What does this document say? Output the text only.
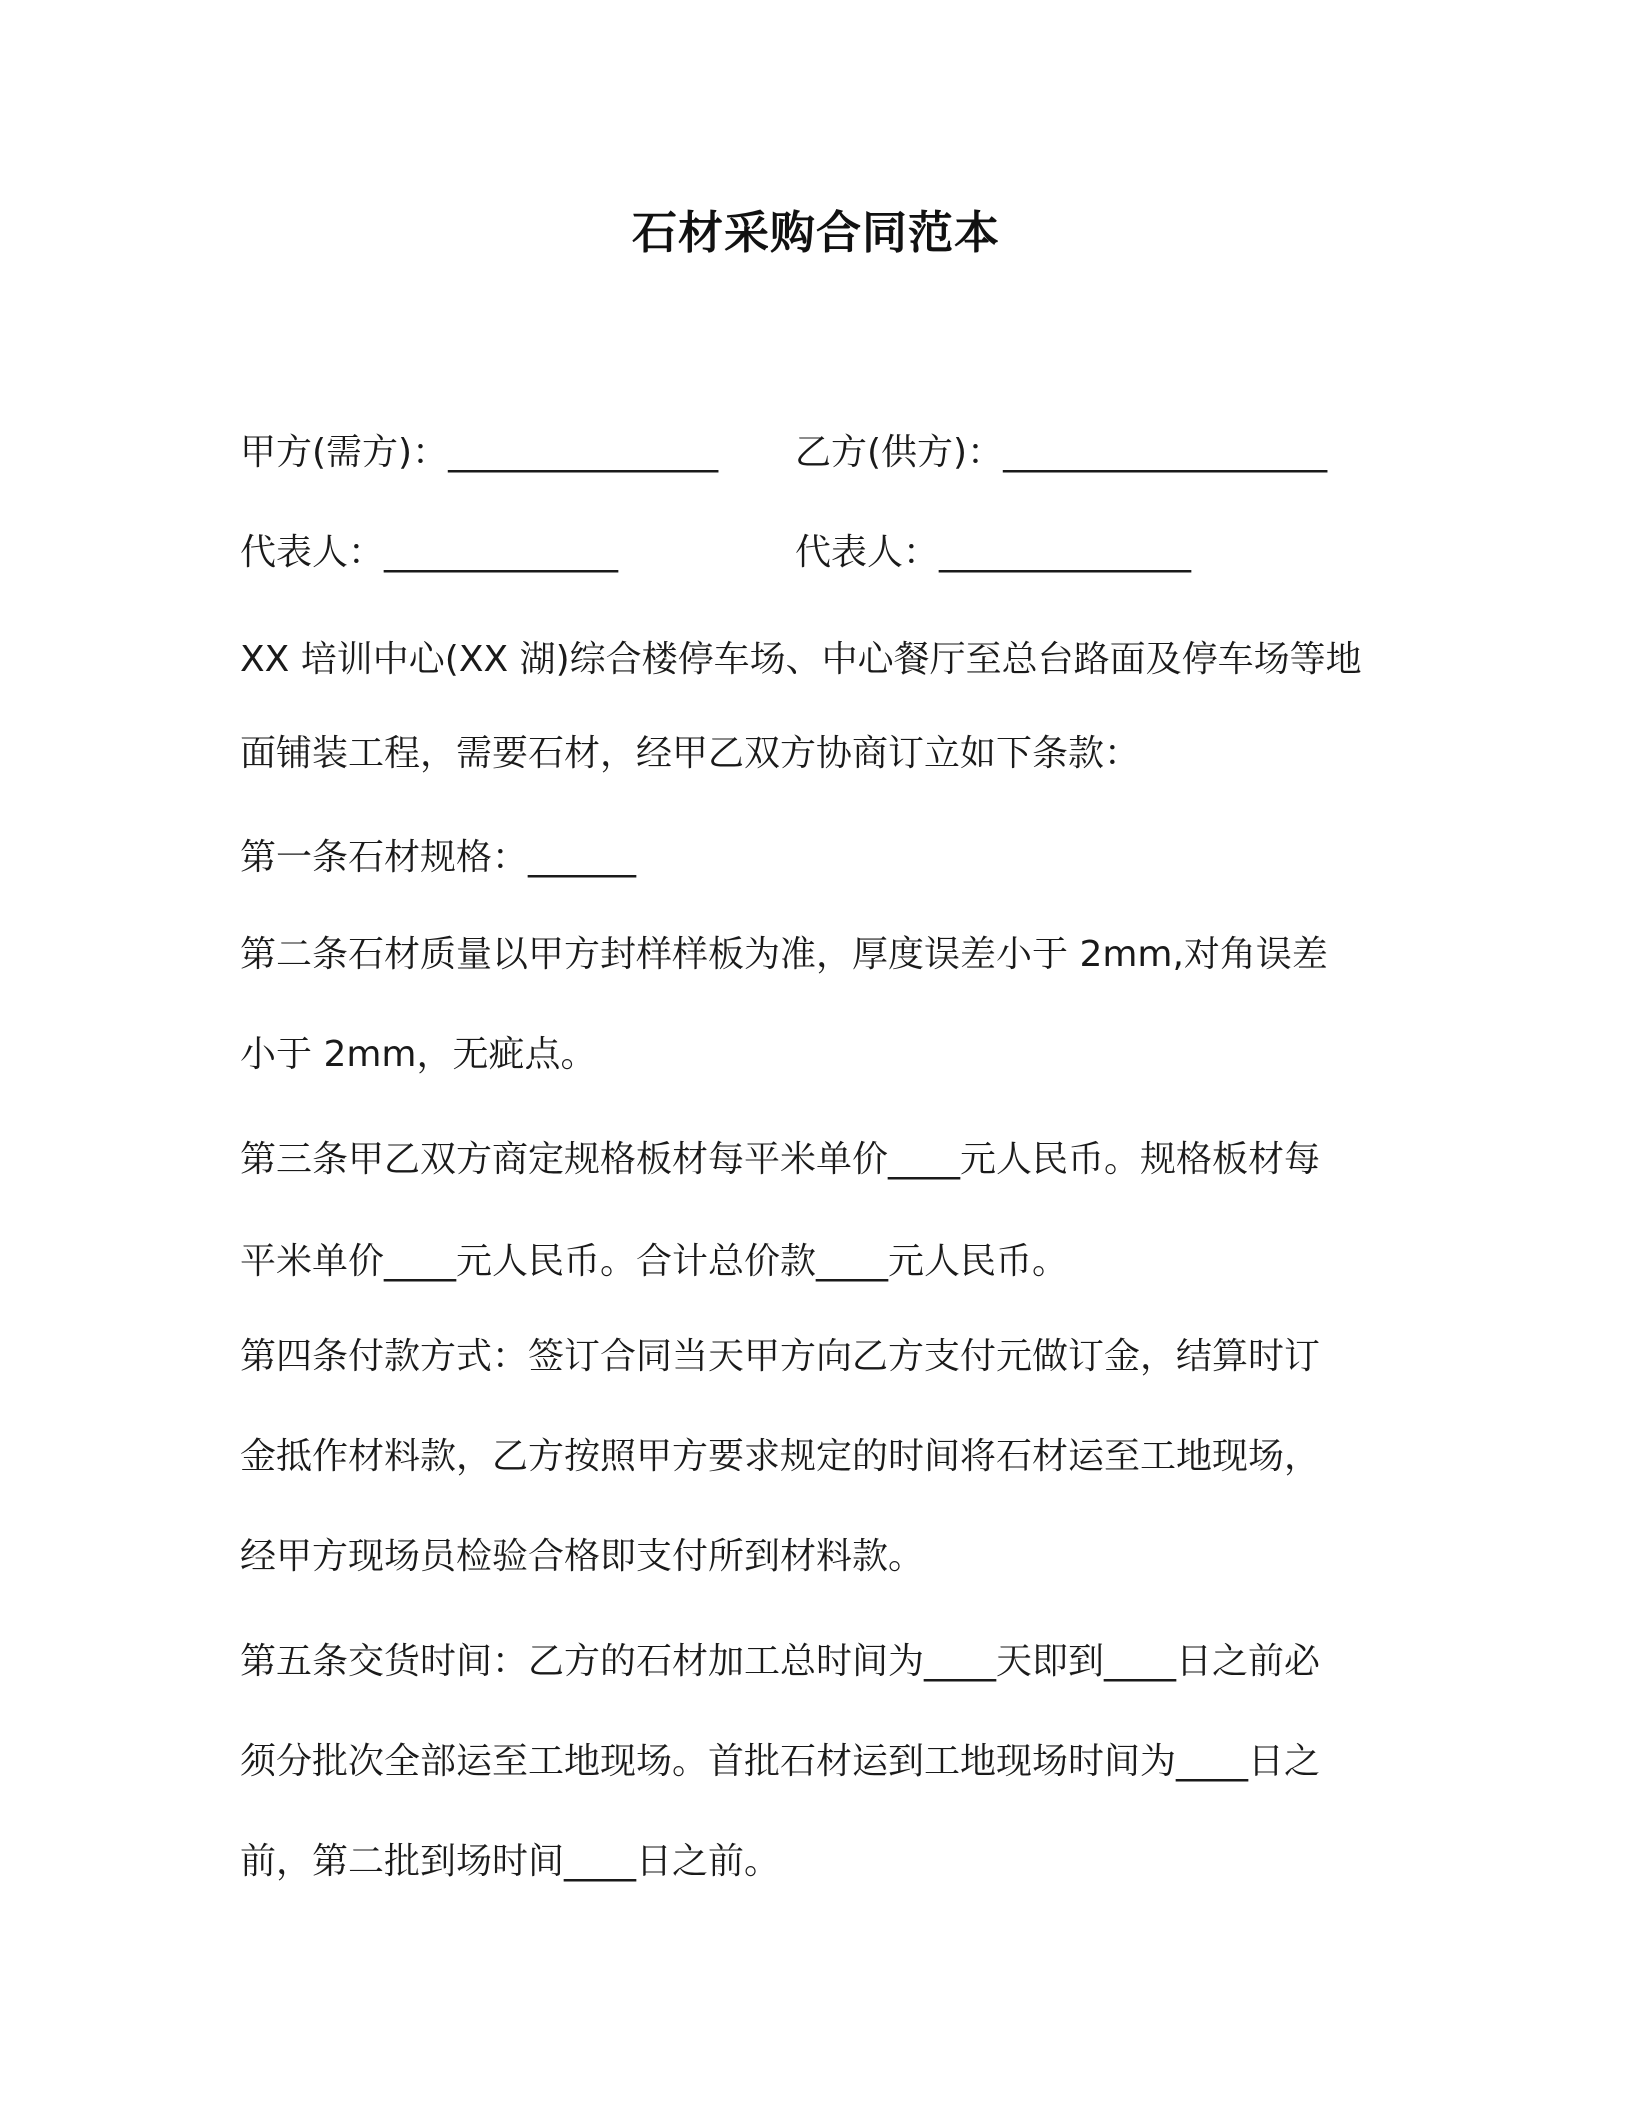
石材采购合同范本
甲方(需方)：_______________ 乙方(供方)：__________________
代表人：_____________	代表人：______________
XX 培训中心(XX 湖)综合楼停车场、中心餐厅至总台路面及停车场等地
面铺装工程，需要石材，经甲乙双方协商订立如下条款：
第一条石材规格：______
第二条石材质量以甲方封样样板为准，厚度误差小于 2mm,对角误差
小于 2mm，无疵点。
第三条甲乙双方商定规格板材每平米单价____元人民币。规格板材每
平米单价____元人民币。合计总价款____元人民币。
第四条付款方式：签订合同当天甲方向乙方支付元做订金，结算时订
金抵作材料款，乙方按照甲方要求规定的时间将石材运至工地现场，
经甲方现场员检验合格即支付所到材料款。
第五条交货时间：乙方的石材加工总时间为____天即到____日之前必
须分批次全部运至工地现场。首批石材运到工地现场时间为____日之
前，第二批到场时间____日之前。
